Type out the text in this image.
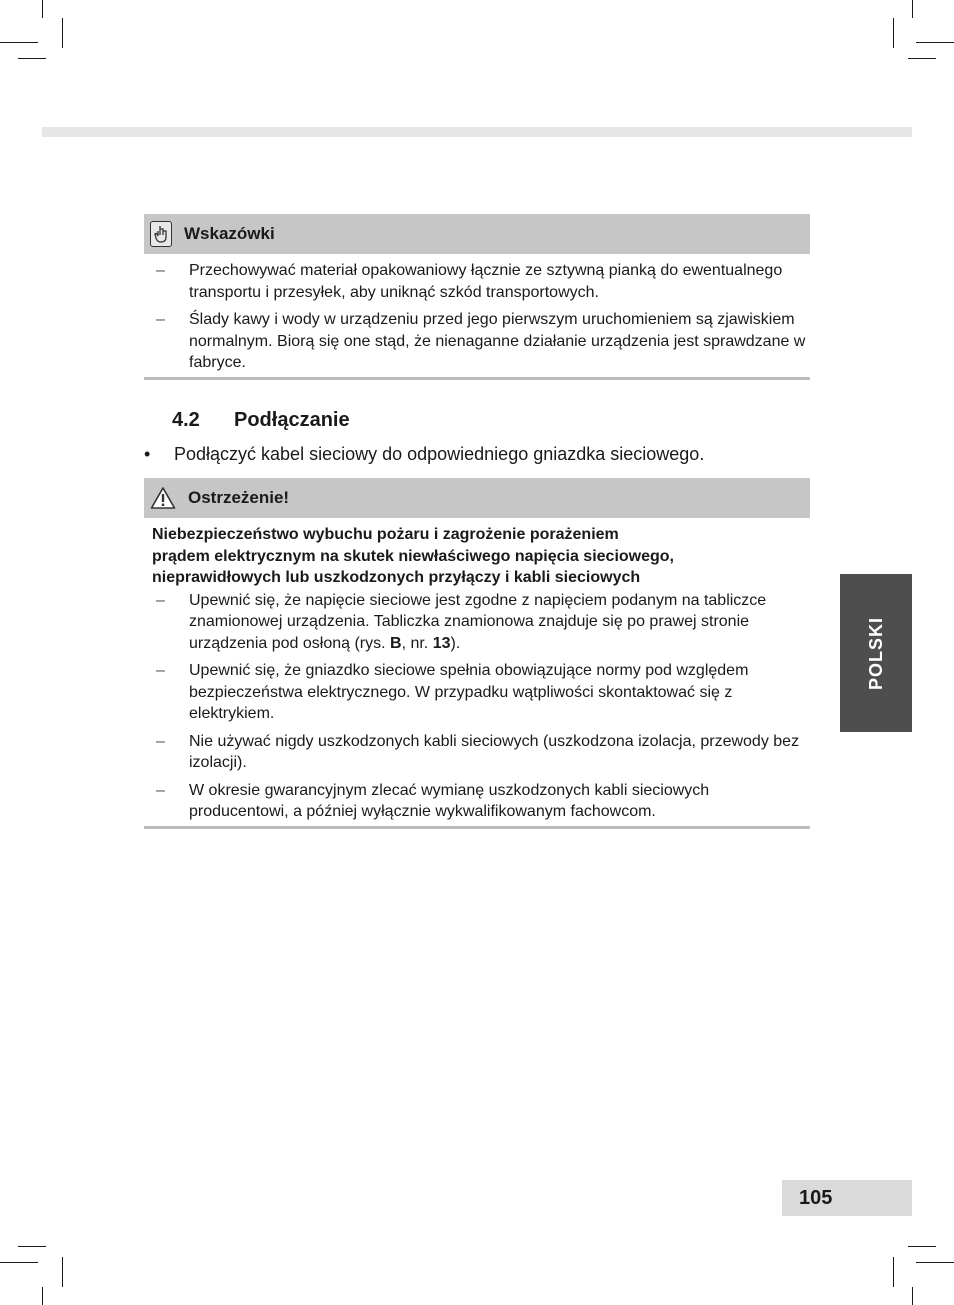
Wskazówki
– Przechowywać materiał opakowaniowy łącznie ze sztywną pianką do ewentualnego transportu i przesyłek, aby uniknąć szkód transportowych.
– Ślady kawy i wody w urządzeniu przed jego pierwszym uruchomieniem są zjawiskiem normalnym. Biorą się one stąd, że nienaganne działanie urządzenia jest sprawdzane w fabryce.
4.2	Podłączanie
• Podłączyć kabel sieciowy do odpowiedniego gniazdka sieciowego.
Ostrzeżenie!
Niebezpieczeństwo wybuchu pożaru i zagrożenie porażeniem
prądem elektrycznym na skutek niewłaściwego napięcia sieciowego,
nieprawidłowych lub uszkodzonych przyłączy i kabli sieciowych
– Upewnić się, że napięcie sieciowe jest zgodne z napięciem podanym na tabliczce znamionowej urządzenia. Tabliczka znamionowa znajduje się po prawej stronie urządzenia pod osłoną (rys. B, nr. 13).
– Upewnić się, że gniazdko sieciowe spełnia obowiązujące normy pod względem bezpieczeństwa elektrycznego. W przypadku wątpliwości skontaktować się z elektrykiem.
– Nie używać nigdy uszkodzonych kabli sieciowych (uszkodzona izolacja, przewody bez izolacji).
– W okresie gwarancyjnym zlecać wymianę uszkodzonych kabli sieciowych producentowi, a później wyłącznie wykwalifikowanym fachowcom.
POLSKI
105
